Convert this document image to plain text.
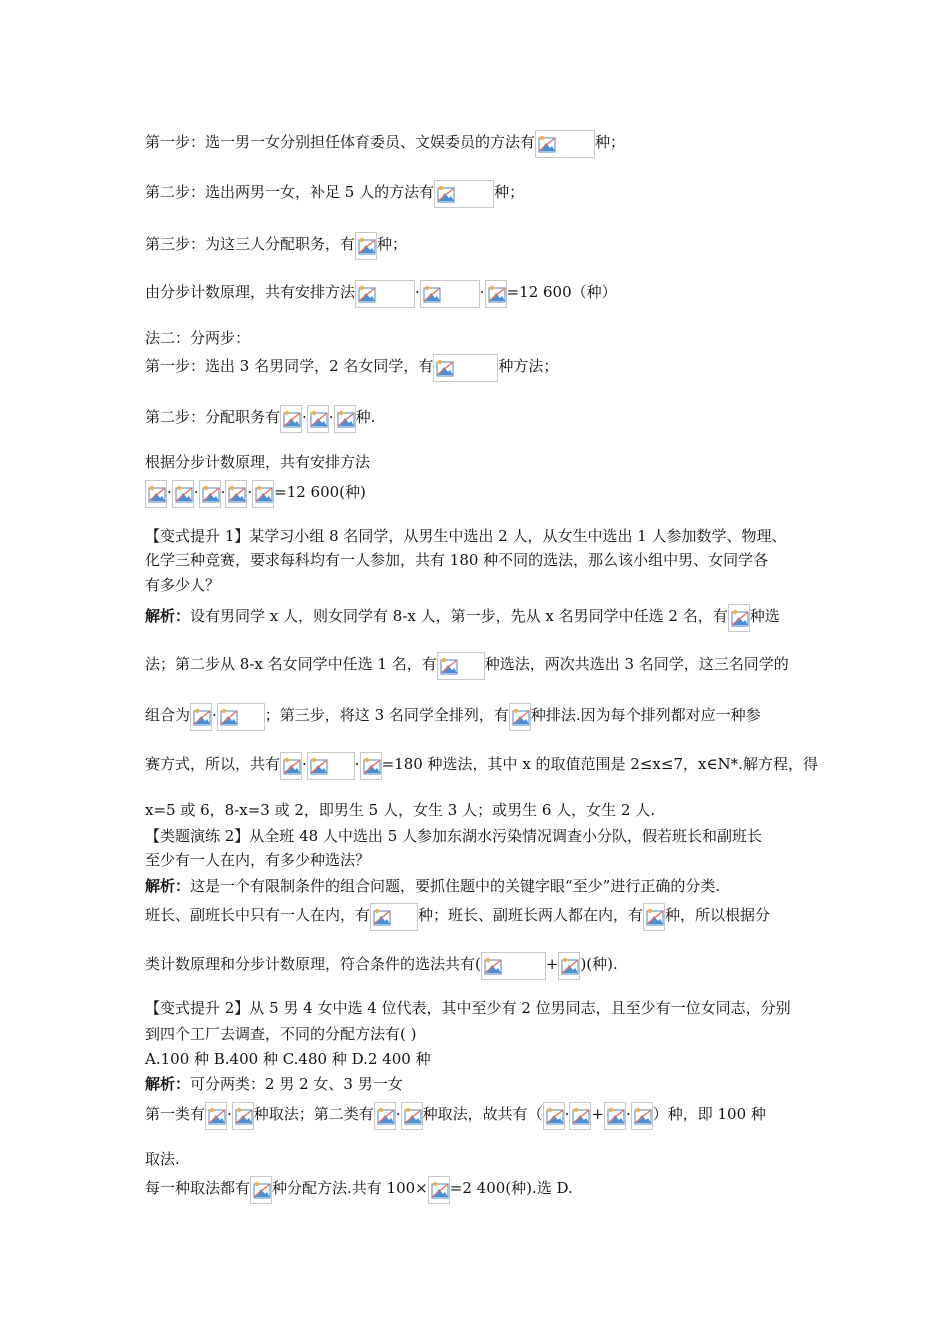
第一步：选一男一女分别担任体育委员、文娱委员的方法有	种；
第二步：选出两男一女，补足 5 人的方法有	种；
第三步：为这三人分配职务，有 种；
由分步计数原理，共有安排方法	·	· =12 600（种）
法二：分两步：
第一步：选出 3 名男同学，2 名女同学，有	种方法；
第二步：分配职务有 · · 种.
根据分步计数原理，共有安排方法
· · · · =12 600(种)
【变式提升 1】某学习小组 8 名同学，从男生中选出 2 人，从女生中选出 1 人参加数学、物理、
化学三种竞赛，要求每科均有一人参加，共有 180 种不同的选法，那么该小组中男、女同学各
有多少人？
解析： 设有男同学 x 人，则女同学有 8-x 人，第一步，先从 x 名男同学中任选 2 名，有 种选
法；第二步从 8-x 名女同学中任选 1 名，有	种选法，两次共选出 3 名同学，这三名同学的
组合为 ·	；第三步，将这 3 名同学全排列，有 种排法.因为每个排列都对应一种参
赛方式，所以，共有 ·	· =180 种选法，其中 x 的取值范围是 2≤x≤7，x∈N*.解方程，得
x=5 或 6，8-x=3 或 2，即男生 5 人，女生 3 人；或男生 6 人，女生 2 人.
【类题演练 2】从全班 48 人中选出 5 人参加东湖水污染情况调查小分队，假若班长和副班长
至少有一人在内，有多少种选法？
解析： 这是一个有限制条件的组合问题，要抓住题中的关键字眼“至少”进行正确的分类.
班长、副班长中只有一人在内，有	种；班长、副班长两人都在内，有 种，所以根据分
类计数原理和分步计数原理，符合条件的选法共有(	+ )(种).
【变式提升 2】从 5 男 4 女中选 4 位代表，其中至少有 2 位男同志，且至少有一位女同志，分别
到四个工厂去调查，不同的分配方法有( )
A.100 种 B.400 种 C.480 种 D.2 400 种
解析： 可分两类：2 男 2 女、3 男一女
第一类有 · 种取法；第二类有 · 种取法，故共有（ · + · ）种，即 100 种
取法.
每一种取法都有 种分配方法.共有 100× =2 400(种).选 D.
